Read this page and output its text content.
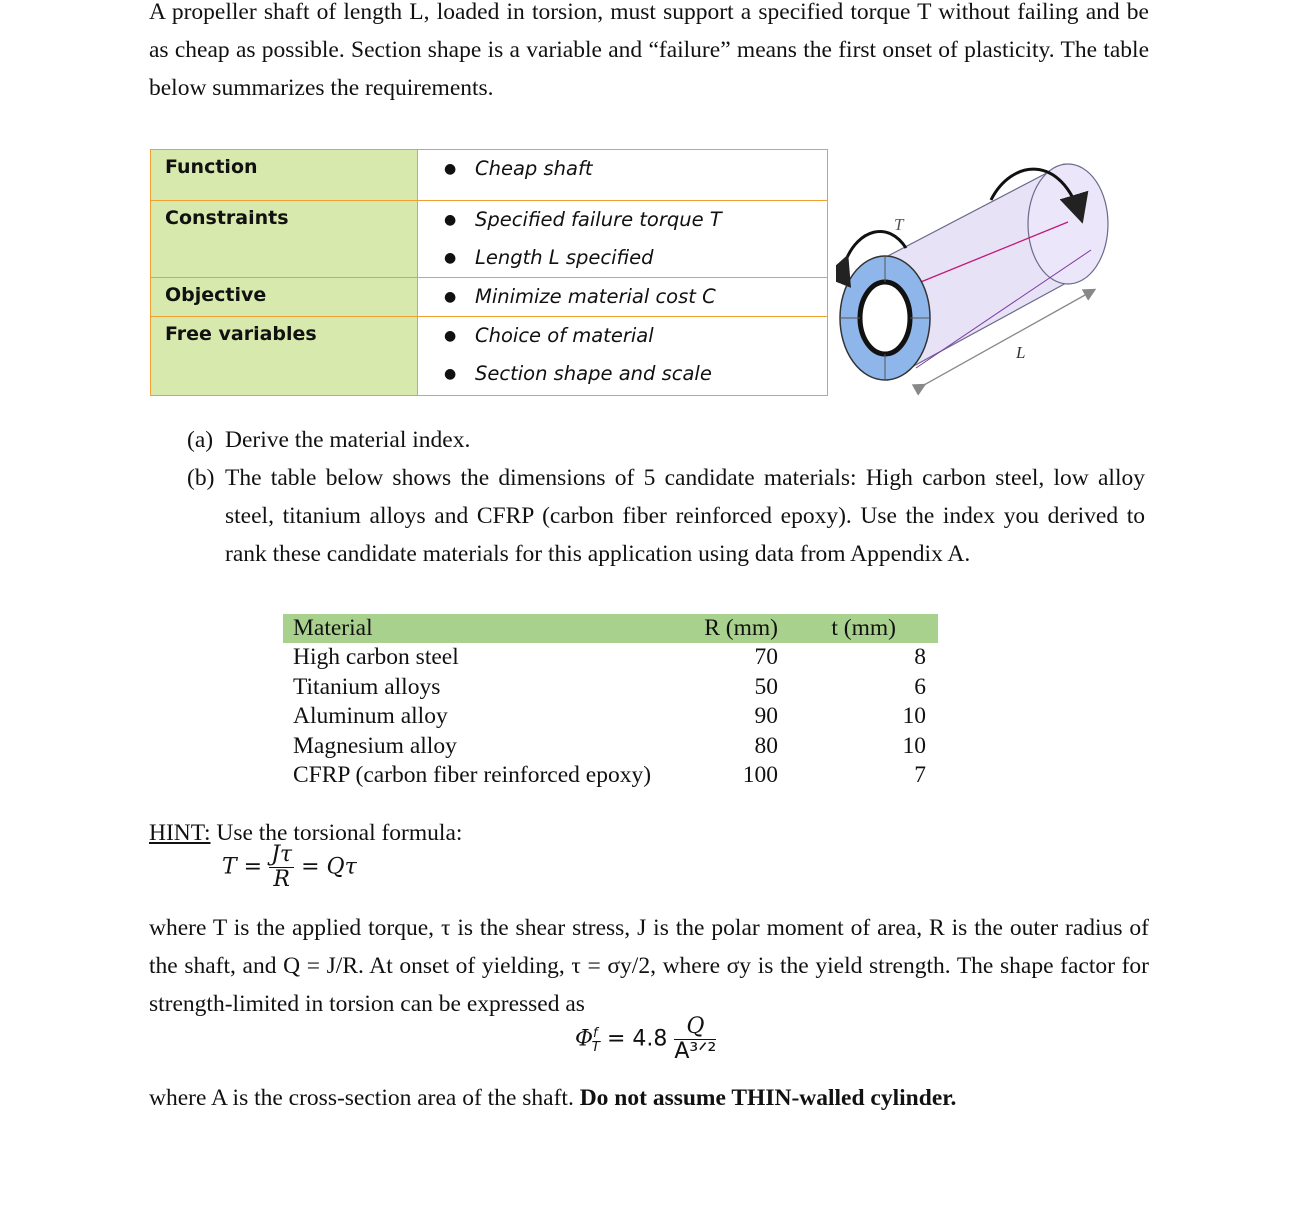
A propeller shaft of length L, loaded in torsion, must support a specified torque T without failing and be as cheap as possible. Section shape is a variable and “failure” means the first onset of plasticity. The table below summarizes the requirements.
Function	● Cheap shaft

Constraints	● Specified failure torque T
● Length L specified

Objective	● Minimize material cost C

Free variables	● Choice of material
● Section shape and scale
T
L
(a) Derive the material index.
(b) The table below shows the dimensions of 5 candidate materials: High carbon steel, low alloy steel, titanium alloys and CFRP (carbon fiber reinforced epoxy). Use the index you derived to rank these candidate materials for this application using data from Appendix A.
Material	R (mm)	t (mm)
High carbon steel	70	8
Titanium alloys	50	6
Aluminum alloy	90	10
Magnesium alloy	80	10
CFRP (carbon fiber reinforced epoxy)	100	7
HINT: Use the torsional formula:
$T = \frac{J\tau}{R} = Q\tau$
where T is the applied torque, τ is the shear stress, J is the polar moment of area, R is the outer radius of the shaft, and Q = J/R. At onset of yielding, τ = σy/2, where σy is the yield strength. The shape factor for strength-limited in torsion can be expressed as
$\Phi^f_T = 4.8 \frac{Q}{\text{A³ᐟ²}}$
where A is the cross-section area of the shaft. Do not assume THIN-walled cylinder.
